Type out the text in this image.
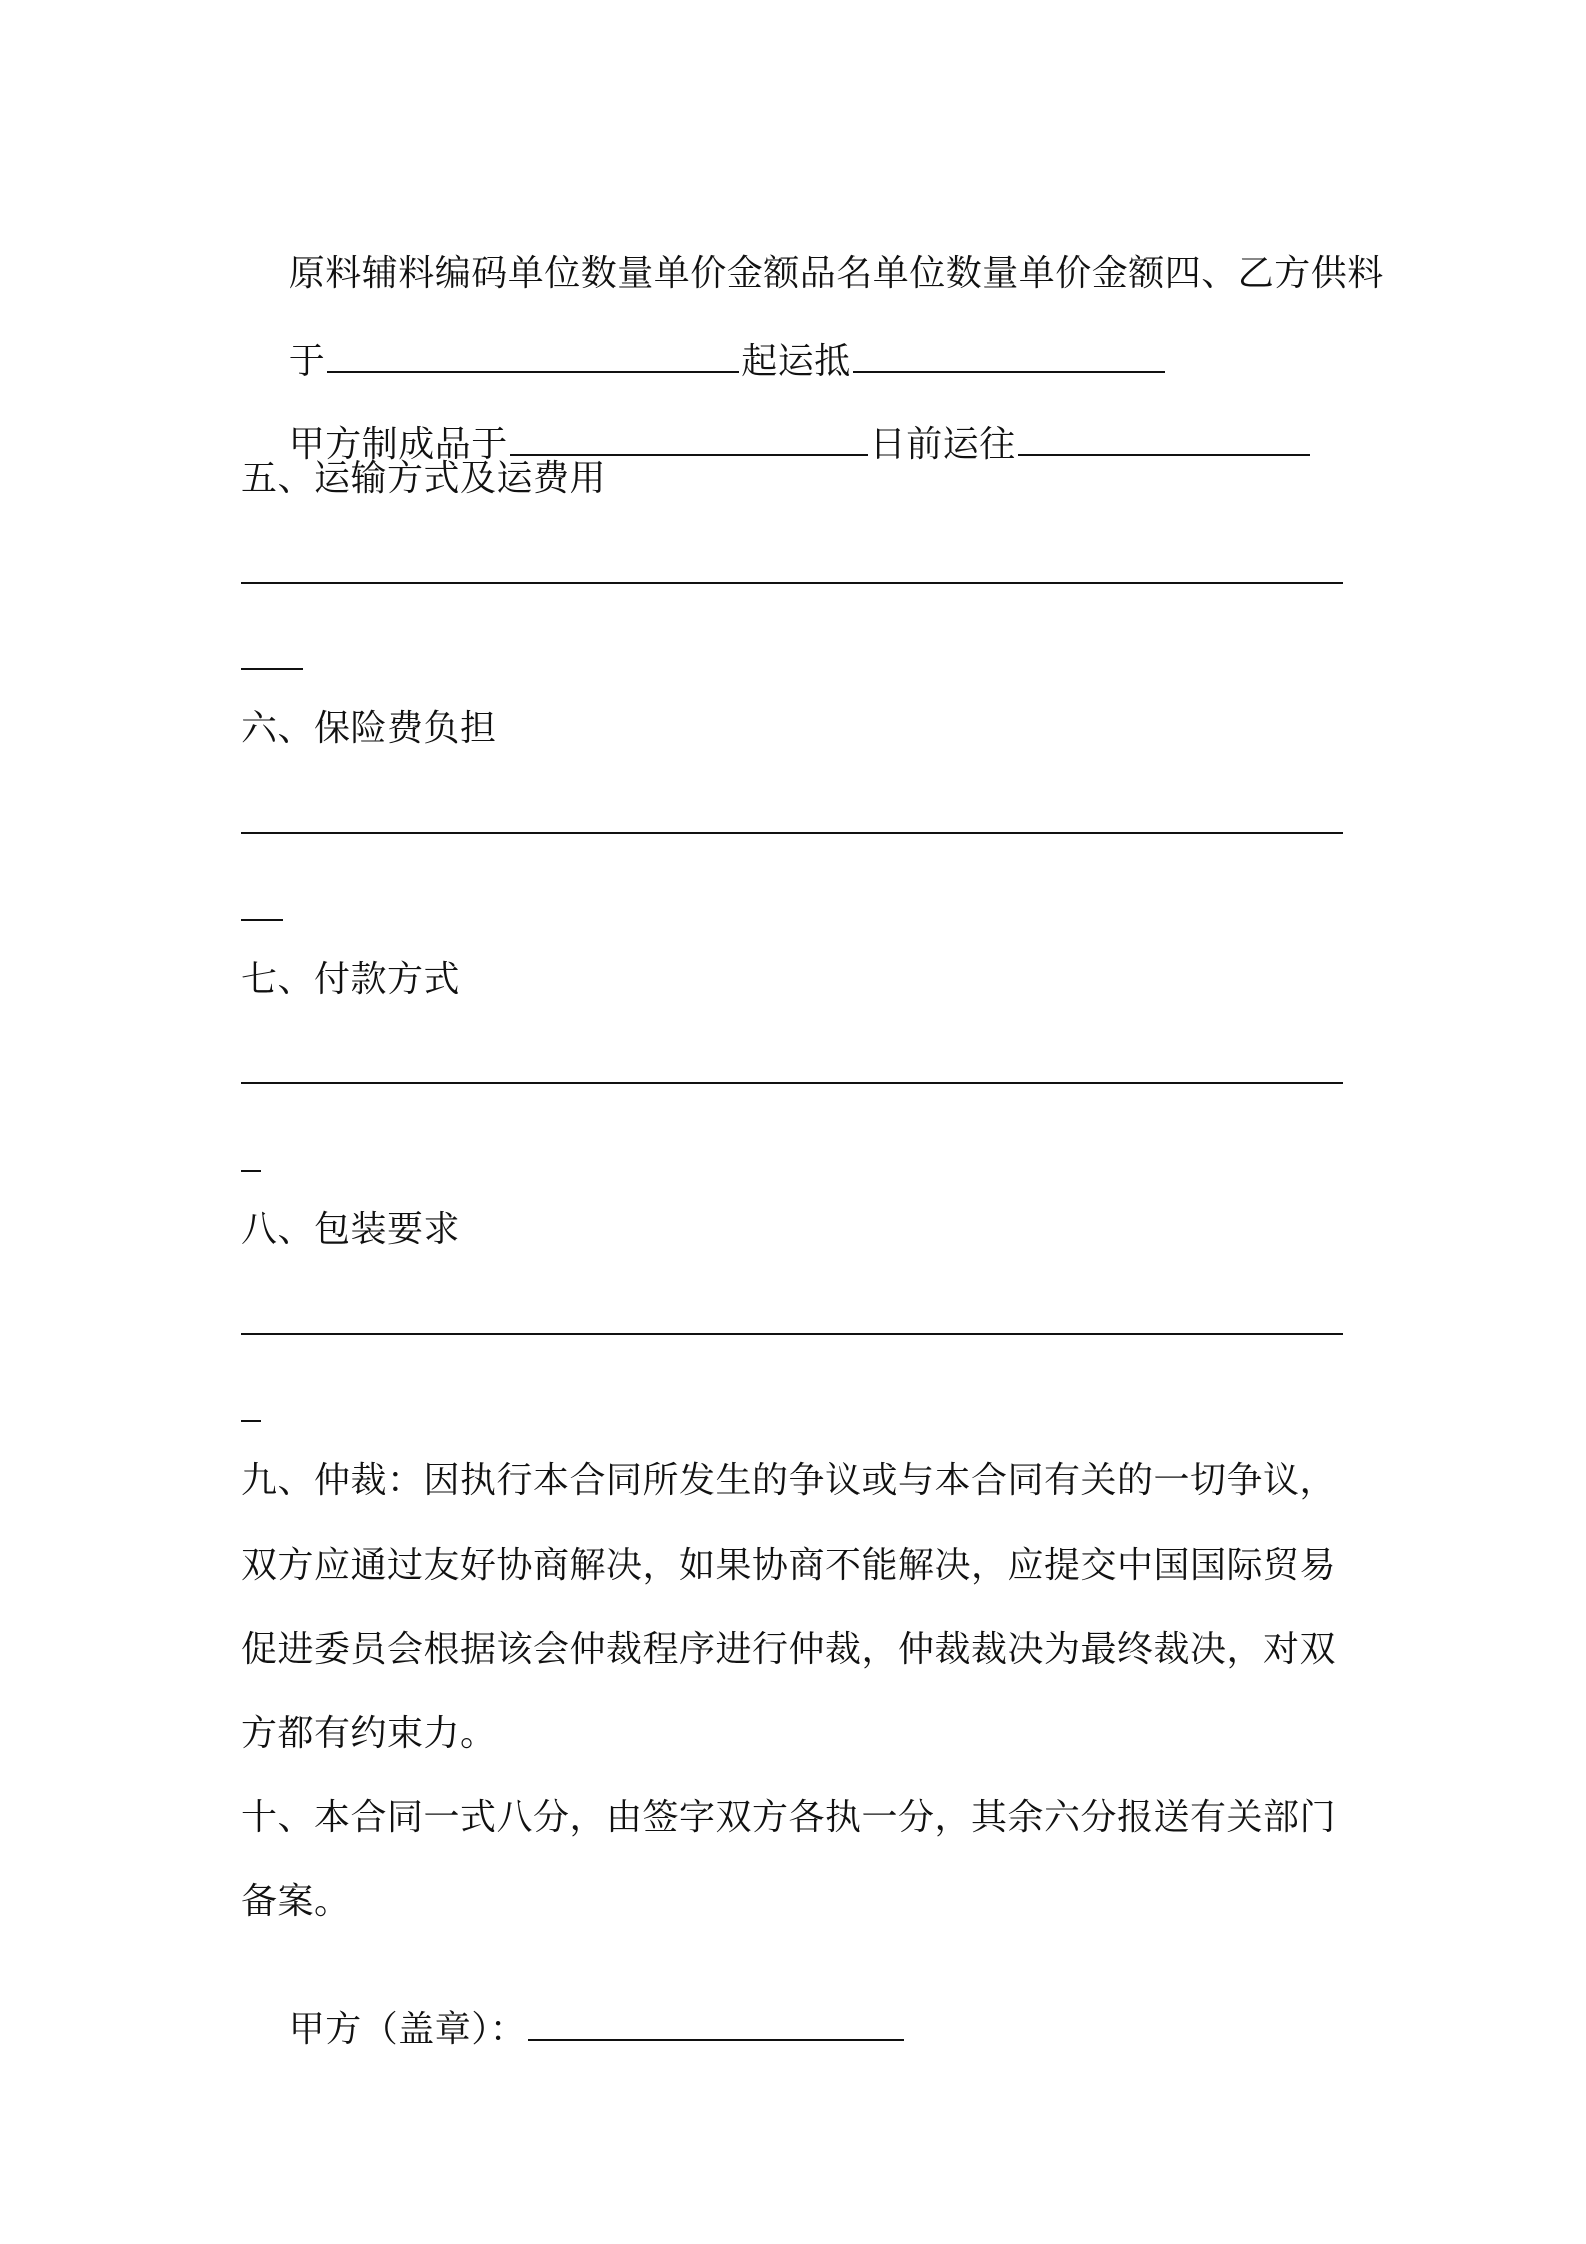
原料辅料编码单位数量单价金额品名单位数量单价金额四、乙方供料

于	起运抵

甲方制成品于	日前运往

五、运输方式及运费用
六、保险费负担
七、付款方式
八、包装要求
九、仲裁：因执行本合同所发生的争议或与本合同有关的一切争议，
双方应通过友好协商解决，如果协商不能解决，应提交中国国际贸易
促进委员会根据该会仲裁程序进行仲裁，仲裁裁决为最终裁决，对双
方都有约束力。
十、本合同一式八分，由签字双方各执一分，其余六分报送有关部门
备案。

甲方（盖章）：
